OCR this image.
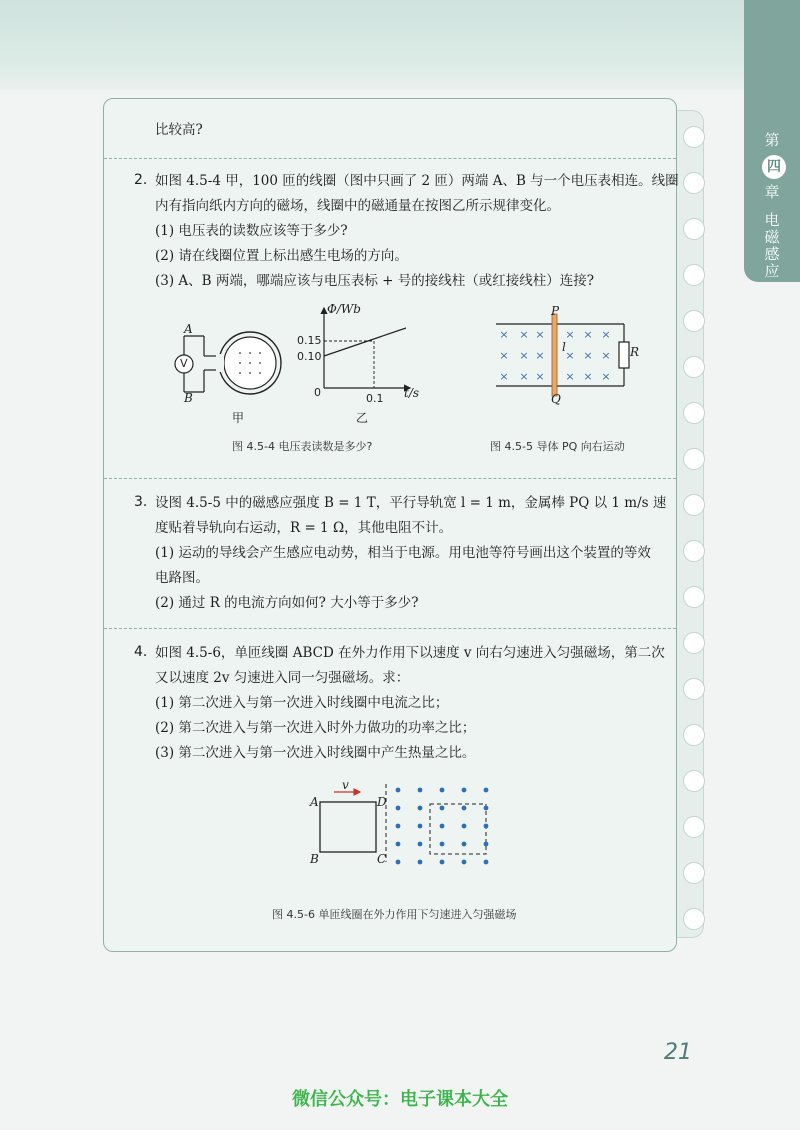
第
四
章
电
磁
感
应
比较高?
2. 如图 4.5-4 甲，100 匝的线圈（图中只画了 2 匝）两端 A、B 与一个电压表相连。线圈
内有指向纸内方向的磁场，线圈中的磁通量在按图乙所示规律变化。
(1) 电压表的读数应该等于多少?
(2) 请在线圈位置上标出感生电场的方向。
(3) A、B 两端，哪端应该与电压表标 + 号的接线柱（或红接线柱）连接?
A
B
V
甲
Φ/Wb
0.15
0.10
0	0.1 t/s
乙
图 4.5-4 电压表读数是多少?
× × × × × ×
× × × × × ×
× × × × × ×
P
Q
l	R
图 4.5-5 导体 PQ 向右运动
3. 设图 4.5-5 中的磁感应强度 B = 1 T，平行导轨宽 l = 1 m，金属棒 PQ 以 1 m/s 速
度贴着导轨向右运动，R = 1 Ω，其他电阻不计。
(1) 运动的导线会产生感应电动势，相当于电源。用电池等符号画出这个装置的等效
电路图。
(2) 通过 R 的电流方向如何? 大小等于多少?
4. 如图 4.5-6，单匝线圈 ABCD 在外力作用下以速度 v 向右匀速进入匀强磁场，第二次
又以速度 2v 匀速进入同一匀强磁场。求：
(1) 第二次进入与第一次进入时线圈中电流之比；
(2) 第二次进入与第一次进入时外力做功的功率之比；
(3) 第二次进入与第一次进入时线圈中产生热量之比。
A
B	C
D
v
图 4.5-6 单匝线圈在外力作用下匀速进入匀强磁场
21
微信公众号：电子课本大全
